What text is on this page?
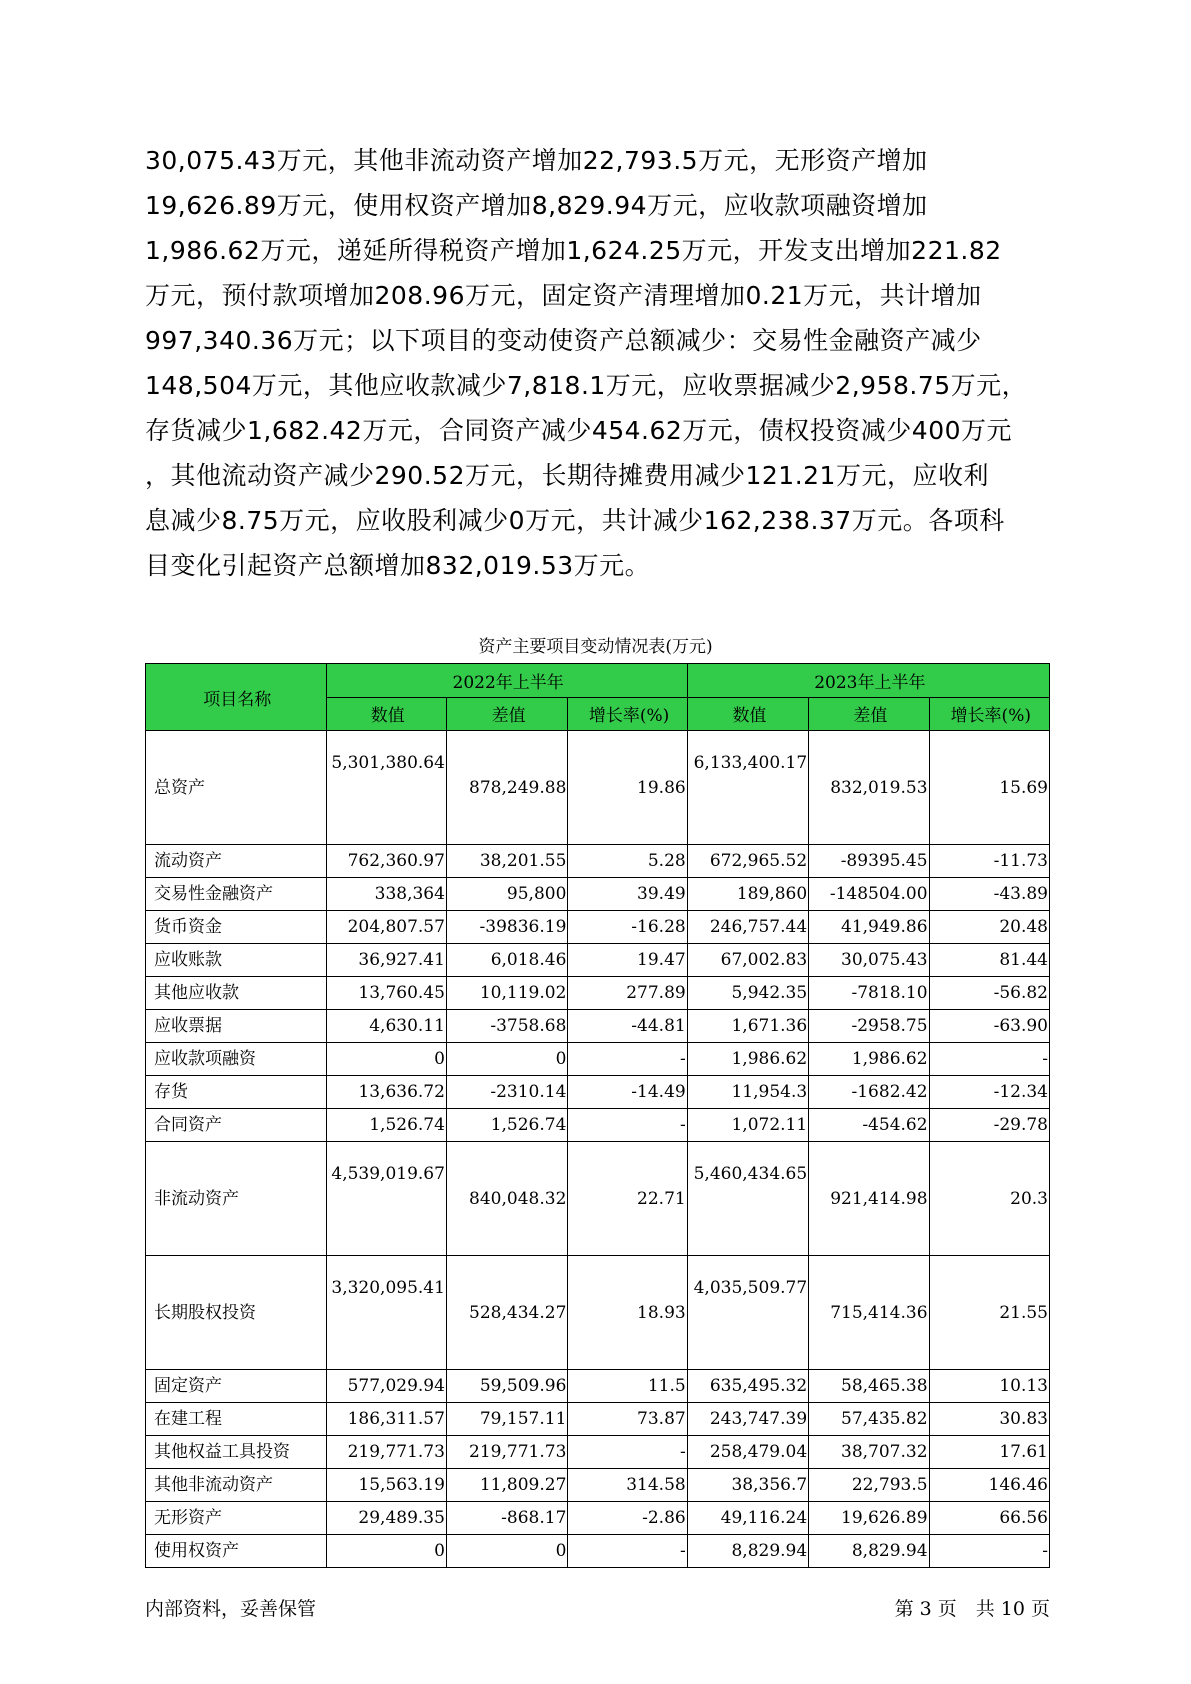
30,075.43万元，其他非流动资产增加22,793.5万元，无形资产增加
19,626.89万元，使用权资产增加8,829.94万元，应收款项融资增加
1,986.62万元，递延所得税资产增加1,624.25万元，开发支出增加221.82
万元，预付款项增加208.96万元，固定资产清理增加0.21万元，共计增加
997,340.36万元；以下项目的变动使资产总额减少：交易性金融资产减少
148,504万元，其他应收款减少7,818.1万元，应收票据减少2,958.75万元，
存货减少1,682.42万元，合同资产减少454.62万元，债权投资减少400万元
，其他流动资产减少290.52万元，长期待摊费用减少121.21万元，应收利
息减少8.75万元，应收股利减少0万元，共计减少162,238.37万元。各项科
目变化引起资产总额增加832,019.53万元。
资产主要项目变动情况表(万元)
项目名称	2022年上半年			2023年上半年		
	数值	差值	增长率(%)	数值	差值	增长率(%)
总资产	5,301,380.64	878,249.88	19.86	6,133,400.17	832,019.53	15.69
流动资产	762,360.97	38,201.55	5.28	672,965.52	-89395.45	-11.73
交易性金融资产	338,364	95,800	39.49	189,860	-148504.00	-43.89
货币资金	204,807.57	-39836.19	-16.28	246,757.44	41,949.86	20.48
应收账款	36,927.41	6,018.46	19.47	67,002.83	30,075.43	81.44
其他应收款	13,760.45	10,119.02	277.89	5,942.35	-7818.10	-56.82
应收票据	4,630.11	-3758.68	-44.81	1,671.36	-2958.75	-63.90
应收款项融资	0	0	-	1,986.62	1,986.62	-
存货	13,636.72	-2310.14	-14.49	11,954.3	-1682.42	-12.34
合同资产	1,526.74	1,526.74	-	1,072.11	-454.62	-29.78
非流动资产	4,539,019.67	840,048.32	22.71	5,460,434.65	921,414.98	20.3
长期股权投资	3,320,095.41	528,434.27	18.93	4,035,509.77	715,414.36	21.55
固定资产	577,029.94	59,509.96	11.5	635,495.32	58,465.38	10.13
在建工程	186,311.57	79,157.11	73.87	243,747.39	57,435.82	30.83
其他权益工具投资	219,771.73	219,771.73	-	258,479.04	38,707.32	17.61
其他非流动资产	15,563.19	11,809.27	314.58	38,356.7	22,793.5	146.46
无形资产	29,489.35	-868.17	-2.86	49,116.24	19,626.89	66.56
使用权资产	0	0	-	8,829.94	8,829.94	-
内部资料，妥善保管	第 3 页　共 10 页
